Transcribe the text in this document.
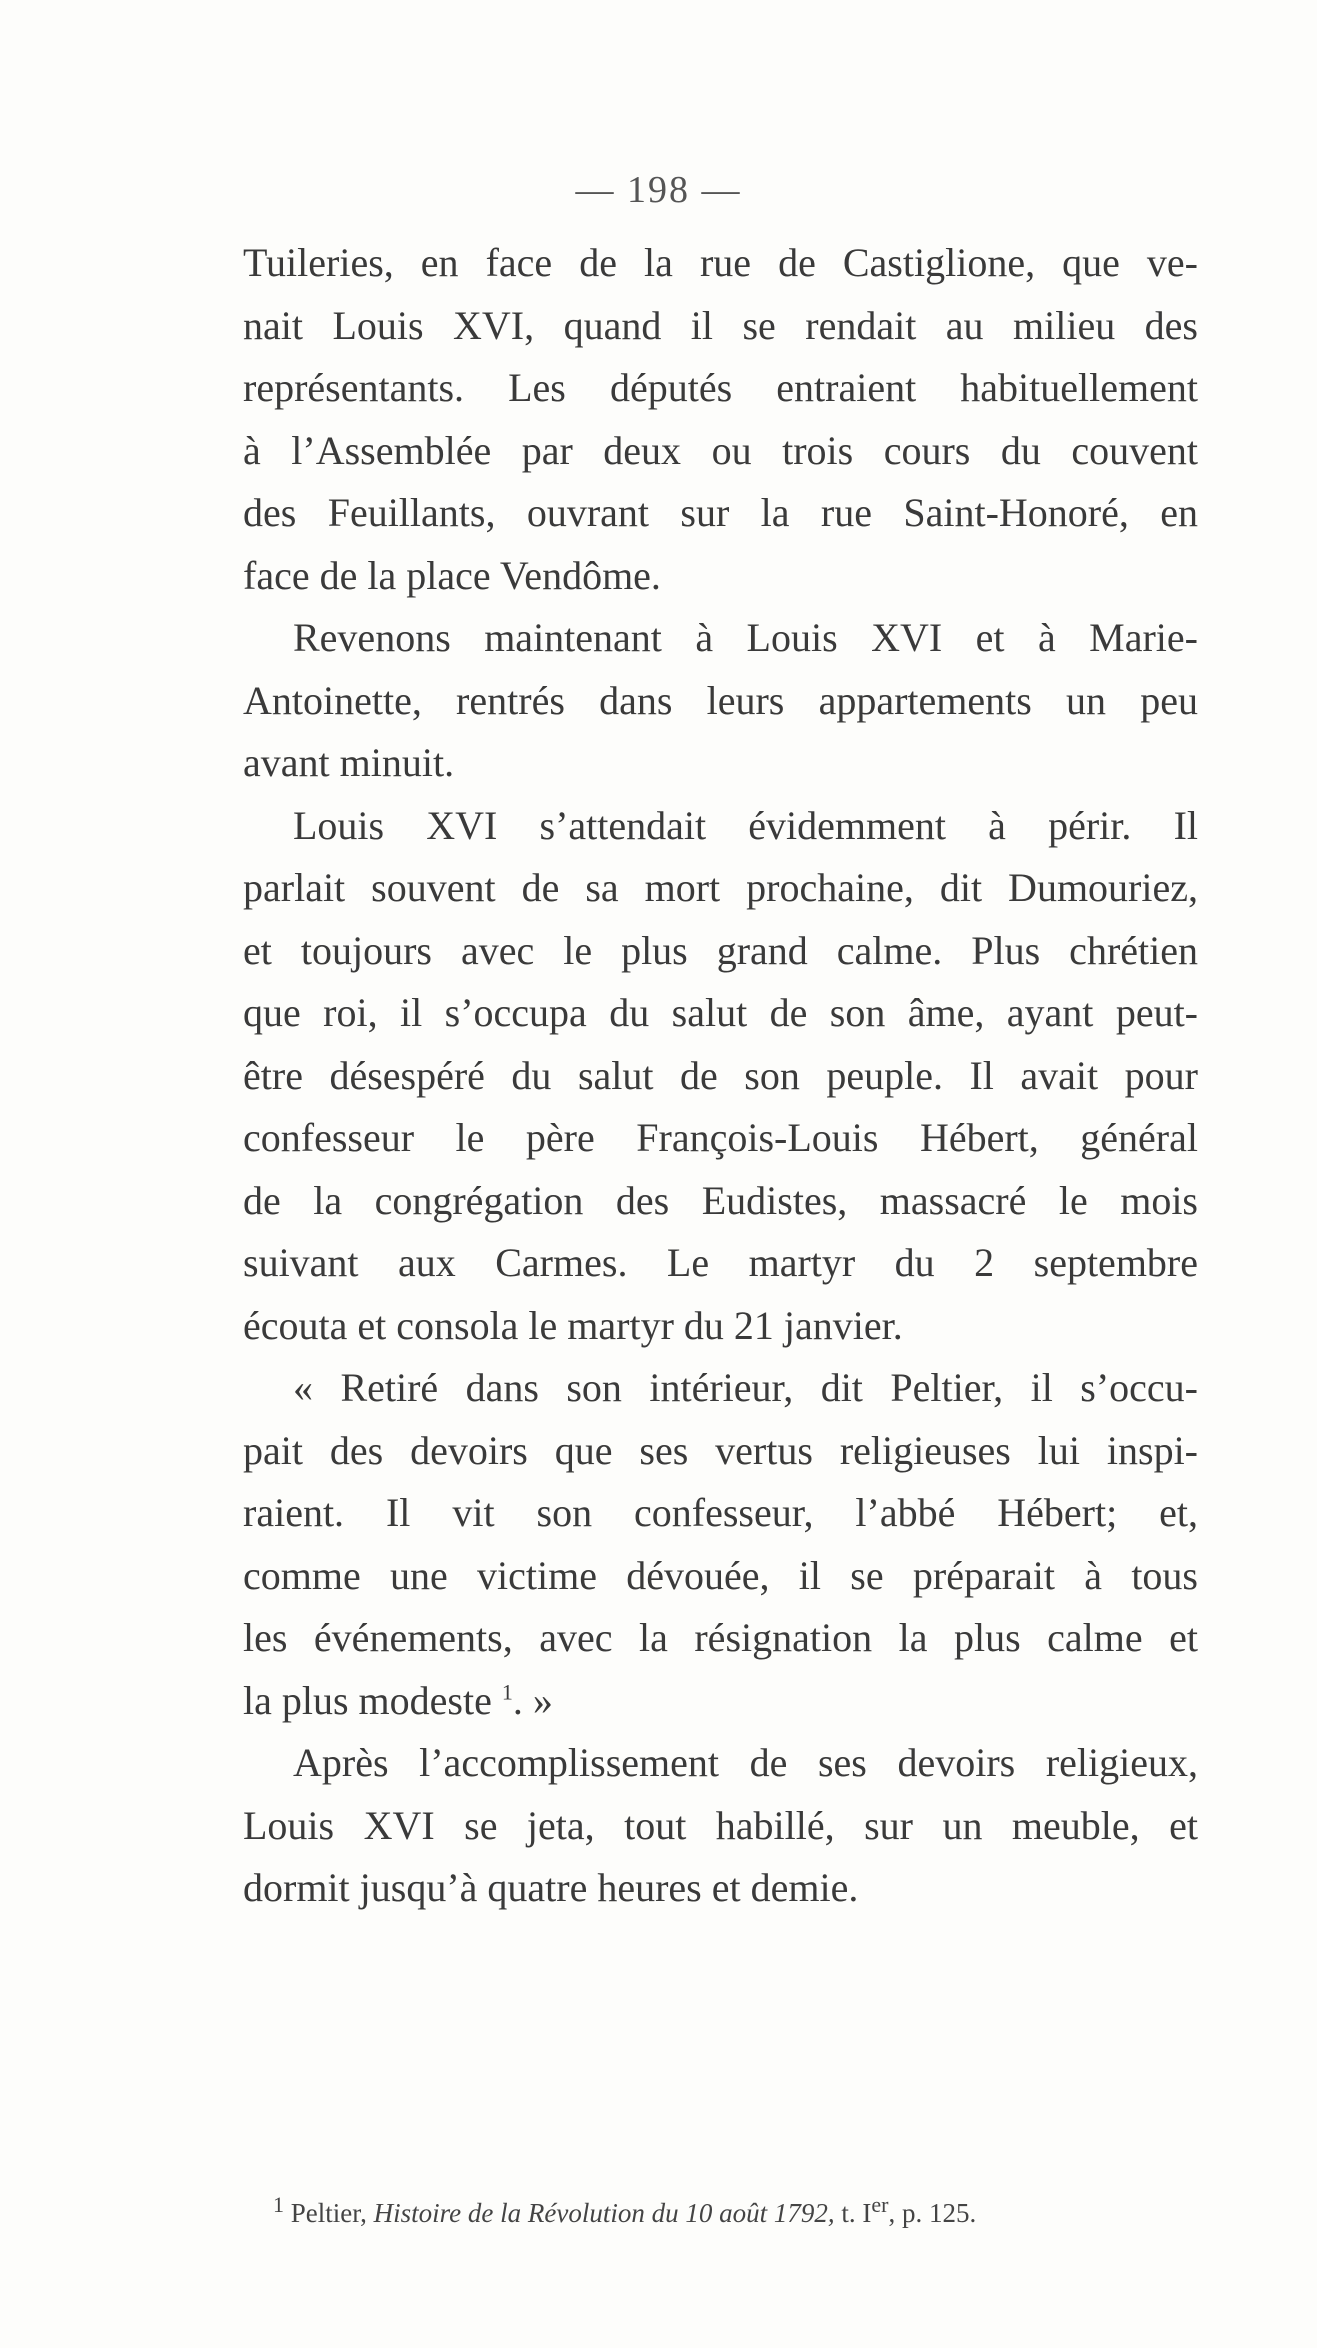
— 198 —
Tuileries, en face de la rue de Castiglione, que ve-
nait Louis XVI, quand il se rendait au milieu des
représentants. Les députés entraient habituellement
à l’Assemblée par deux ou trois cours du couvent
des Feuillants, ouvrant sur la rue Saint-Honoré, en
face de la place Vendôme.
Revenons maintenant à Louis XVI et à Marie-
Antoinette, rentrés dans leurs appartements un peu
avant minuit.
Louis XVI s’attendait évidemment à périr. Il
parlait souvent de sa mort prochaine, dit Dumouriez,
et toujours avec le plus grand calme. Plus chrétien
que roi, il s’occupa du salut de son âme, ayant peut-
être désespéré du salut de son peuple. Il avait pour
confesseur le père François-Louis Hébert, général
de la congrégation des Eudistes, massacré le mois
suivant aux Carmes. Le martyr du 2 septembre
écouta et consola le martyr du 21 janvier.
« Retiré dans son intérieur, dit Peltier, il s’occu-
pait des devoirs que ses vertus religieuses lui inspi-
raient. Il vit son confesseur, l’abbé Hébert; et,
comme une victime dévouée, il se préparait à tous
les événements, avec la résignation la plus calme et
la plus modeste $^1$. »
Après l’accomplissement de ses devoirs religieux,
Louis XVI se jeta, tout habillé, sur un meuble, et
dormit jusqu’à quatre heures et demie.
$^1$ Peltier, Histoire de la Révolution du 10 août 1792, t. Ier, p. 125.
